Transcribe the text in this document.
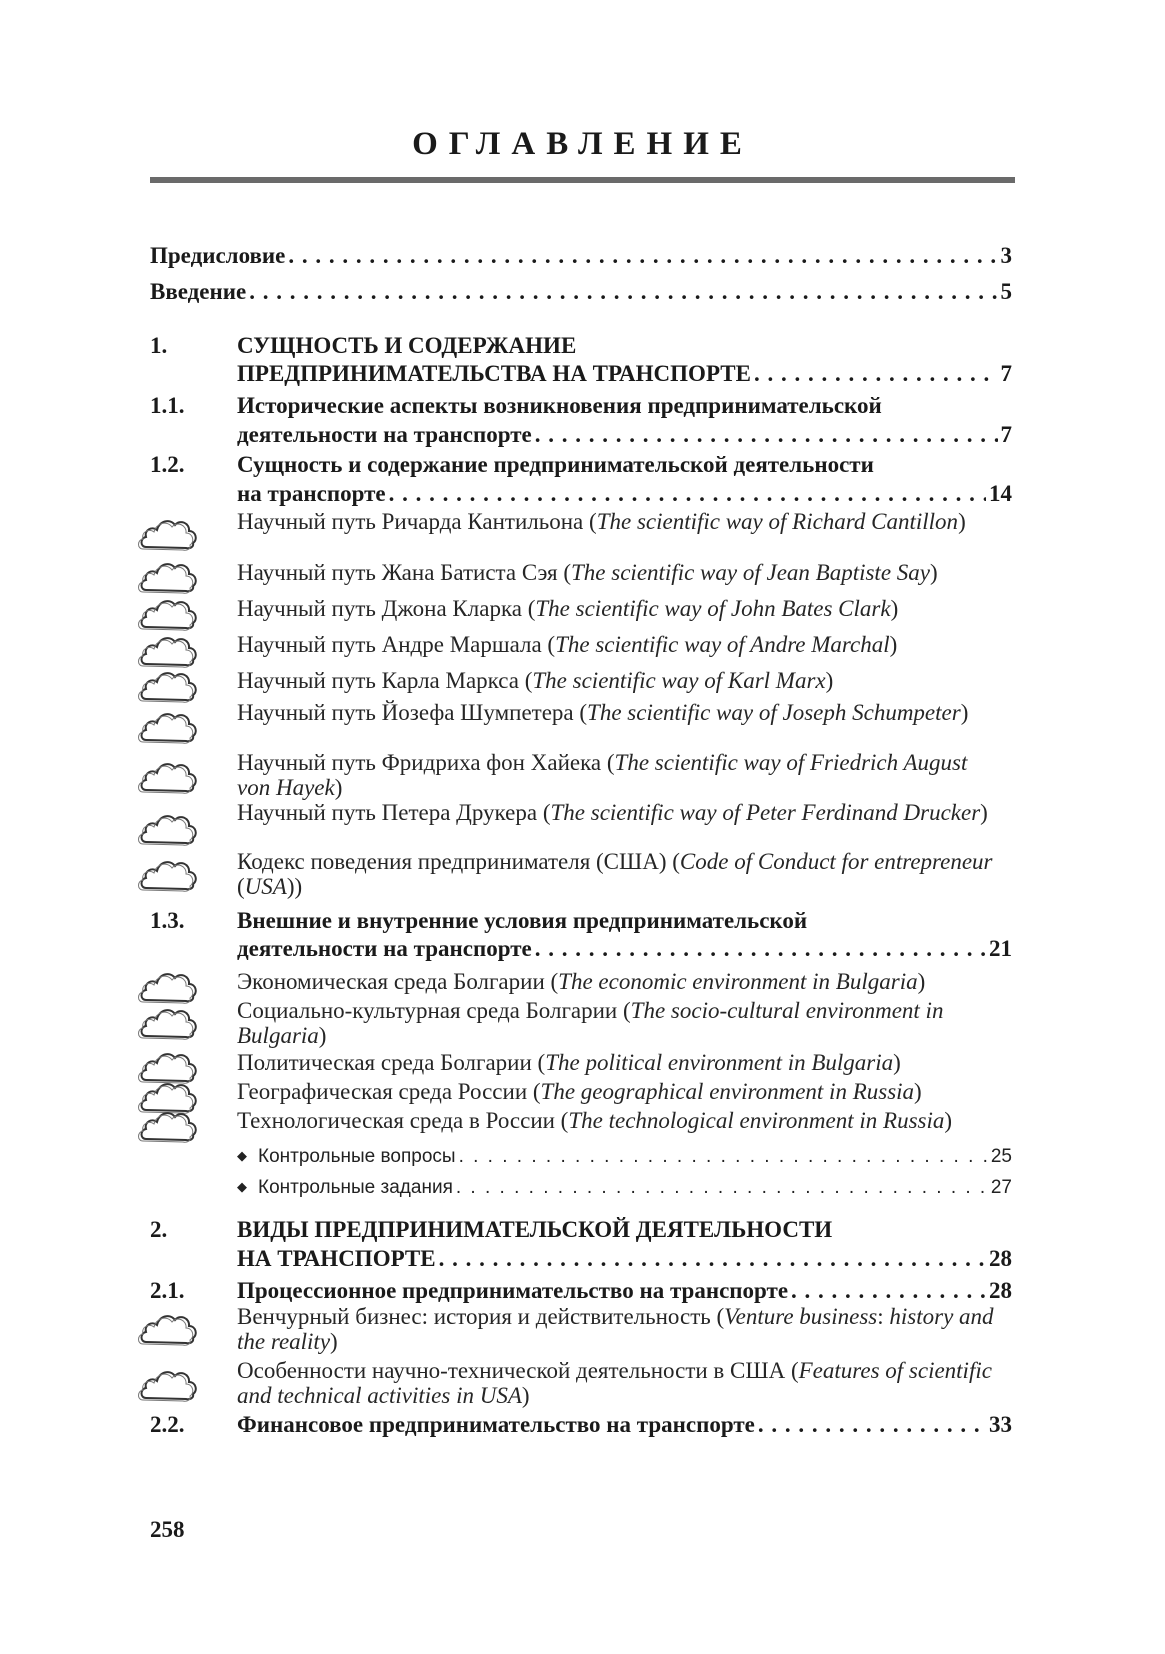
ОГЛАВЛЕНИЕ
Предисловие . . .	3
Введение . . .	5
1.	СУЩНОСТЬ И СОДЕРЖАНИЕ
ПРЕДПРИНИМАТЕЛЬСТВА НА ТРАНСПОРТЕ . . .	7
1.1. Исторические аспекты возникновения предпринимательской
деятельности на транспорте . . .	7
1.2. Сущность и содержание предпринимательской деятельности
на транспорте . . .	14
Научный путь Ричарда Кантильона (The scientific way of Richard Cantillon)
Научный путь Жана Батиста Сэя (The scientific way of Jean Baptiste Say)
Научный путь Джона Кларка (The scientific way of John Bates Clark)
Научный путь Андре Маршала (The scientific way of Andre Marchal)
Научный путь Карла Маркса (The scientific way of Karl Marx)
Научный путь Йозефа Шумпетера (The scientific way of Joseph Schumpeter)
Научный путь Фридриха фон Хайека (The scientific way of Friedrich August von Hayek)
Научный путь Петера Друкера (The scientific way of Peter Ferdinand Drucker)
Кодекс поведения предпринимателя (США) (Code of Conduct for entrepreneur (USA))
1.3. Внешние и внутренние условия предпринимательской
деятельности на транспорте . . .	21
Экономическая среда Болгарии (The economic environment in Bulgaria)
Социально-культурная среда Болгарии (The socio-cultural environment in Bulgaria)
Политическая среда Болгарии (The political environment in Bulgaria)
Географическая среда России (The geographical environment in Russia)
Технологическая среда в России (The technological environment in Russia)
◆ Контрольные вопросы . . .	25
◆ Контрольные задания . . .	27
2.	ВИДЫ ПРЕДПРИНИМАТЕЛЬСКОЙ ДЕЯТЕЛЬНОСТИ
НА ТРАНСПОРТЕ . . .	28
2.1. Процессионное предпринимательство на транспорте . . .	28
Венчурный бизнес: история и действительность (Venture business: history and the reality)
Особенности научно-технической деятельности в США (Features of scientific and technical activities in USA)
2.2. Финансовое предпринимательство на транспорте . . .	33
258
